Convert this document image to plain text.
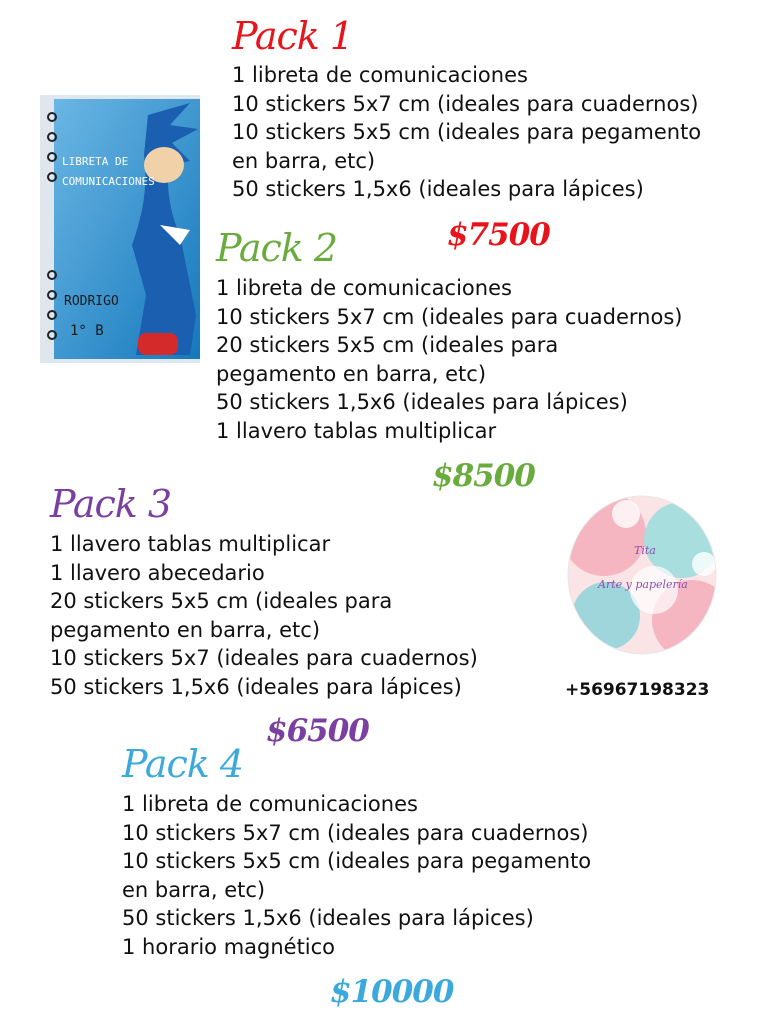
LIBRETA DE
COMUNICACIONES
RODRIGO
1° B
Tita
Arte y papelería
Pack 1
1 libreta de comunicaciones
10 stickers 5x7 cm (ideales para cuadernos)
10 stickers 5x5 cm (ideales para pegamento
en barra, etc)
50 stickers 1,5x6 (ideales para lápices)
$7500
Pack 2
1 libreta de comunicaciones
10 stickers 5x7 cm (ideales para cuadernos)
20 stickers 5x5 cm (ideales para
pegamento en barra, etc)
50 stickers 1,5x6 (ideales para lápices)
1 llavero tablas multiplicar
$8500
Pack 3
1 llavero tablas multiplicar
1 llavero abecedario
20 stickers 5x5 cm (ideales para
pegamento en barra, etc)
10 stickers 5x7 (ideales para cuadernos)
50 stickers 1,5x6 (ideales para lápices)
$6500
+56967198323
Pack 4
1 libreta de comunicaciones
10 stickers 5x7 cm (ideales para cuadernos)
10 stickers 5x5 cm (ideales para pegamento
en barra, etc)
50 stickers 1,5x6 (ideales para lápices)
1 horario magnético
$10000
